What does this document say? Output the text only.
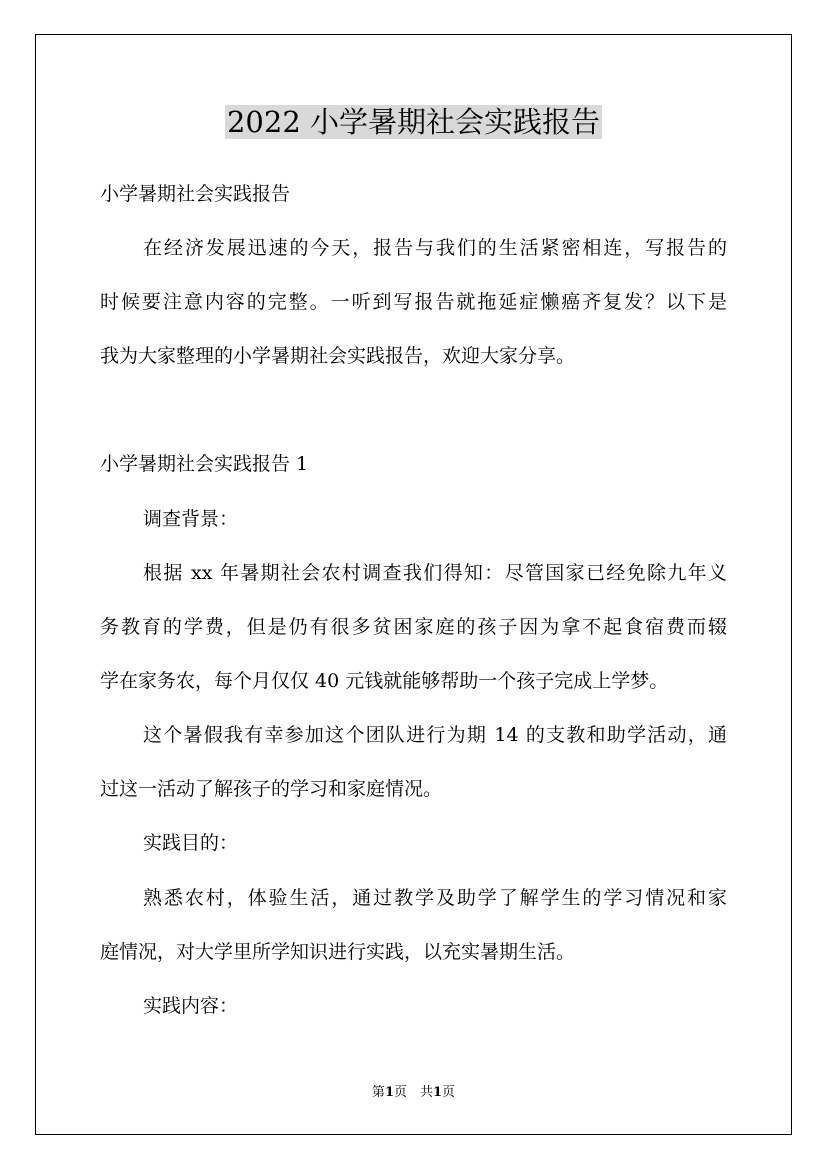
2022 小学暑期社会实践报告

小学暑期社会实践报告

在经济发展迅速的今天，报告与我们的生活紧密相连，写报告的

时候要注意内容的完整。一听到写报告就拖延症懒癌齐复发？以下是

我为大家整理的小学暑期社会实践报告，欢迎大家分享。

小学暑期社会实践报告 1

调查背景：

根据 xx 年暑期社会农村调查我们得知：尽管国家已经免除九年义

务教育的学费，但是仍有很多贫困家庭的孩子因为拿不起食宿费而辍

学在家务农，每个月仅仅 40 元钱就能够帮助一个孩子完成上学梦。

这个暑假我有幸参加这个团队进行为期 14 的支教和助学活动，通

过这一活动了解孩子的学习和家庭情况。

实践目的：

熟悉农村，体验生活，通过教学及助学了解学生的学习情况和家

庭情况，对大学里所学知识进行实践，以充实暑期生活。

实践内容：

第1页　共1页
